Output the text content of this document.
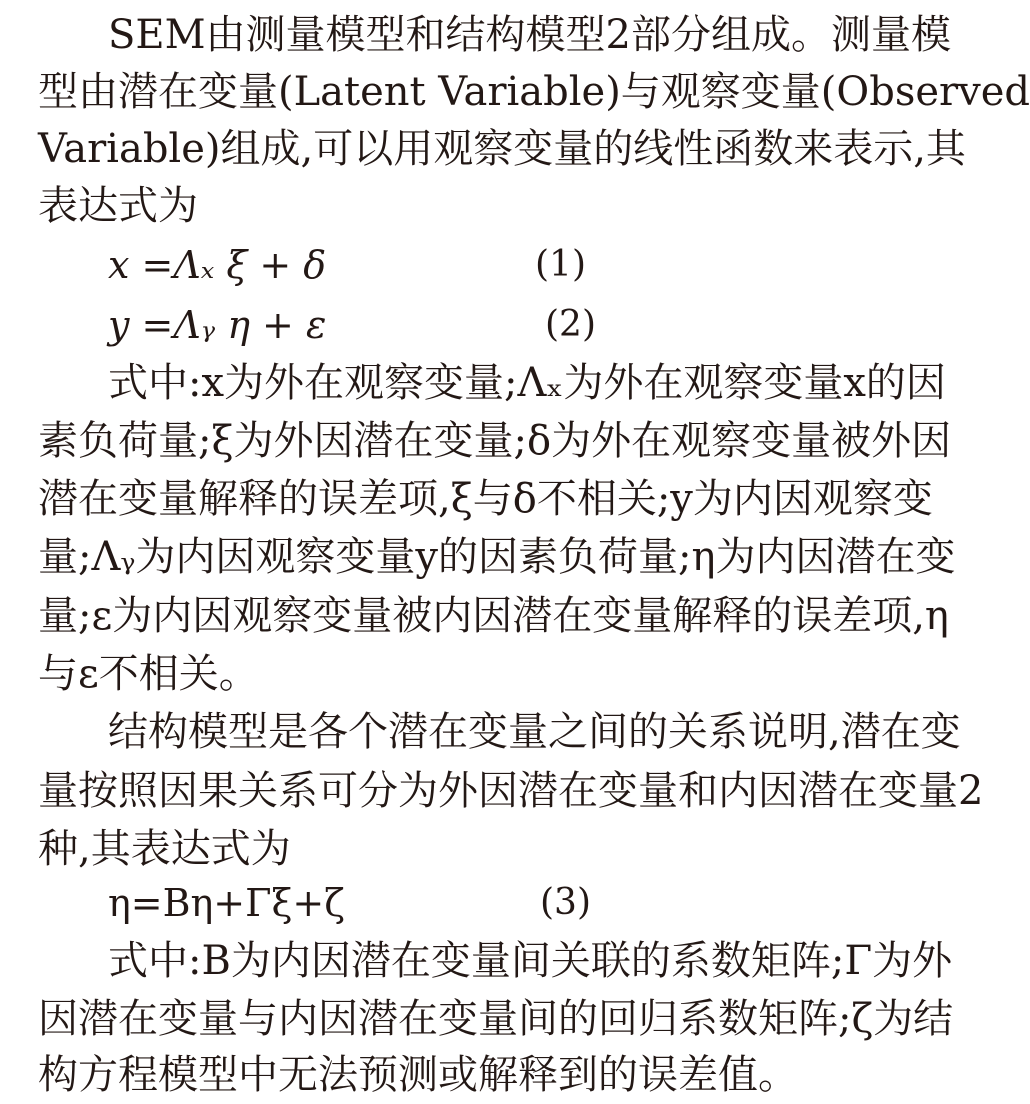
SEM由测量模型和结构模型2部分组成。测量模
型由潜在变量(Latent Variable)与观察变量(Observed
Variable)组成,可以用观察变量的线性函数来表示,其
表达式为
x =Λₓ ξ + δ	(1)
y =Λᵧ η + ε	(2)
式中:x为外在观察变量;Λₓ为外在观察变量x的因
素负荷量;ξ为外因潜在变量;δ为外在观察变量被外因
潜在变量解释的误差项,ξ与δ不相关;y为内因观察变
量;Λᵧ为内因观察变量y的因素负荷量;η为内因潜在变
量;ε为内因观察变量被内因潜在变量解释的误差项,η
与ε不相关。
结构模型是各个潜在变量之间的关系说明,潜在变
量按照因果关系可分为外因潜在变量和内因潜在变量2
种,其表达式为
η=Bη+Γξ+ζ	(3)
式中:B为内因潜在变量间关联的系数矩阵;Γ为外
因潜在变量与内因潜在变量间的回归系数矩阵;ζ为结
构方程模型中无法预测或解释到的误差值。
